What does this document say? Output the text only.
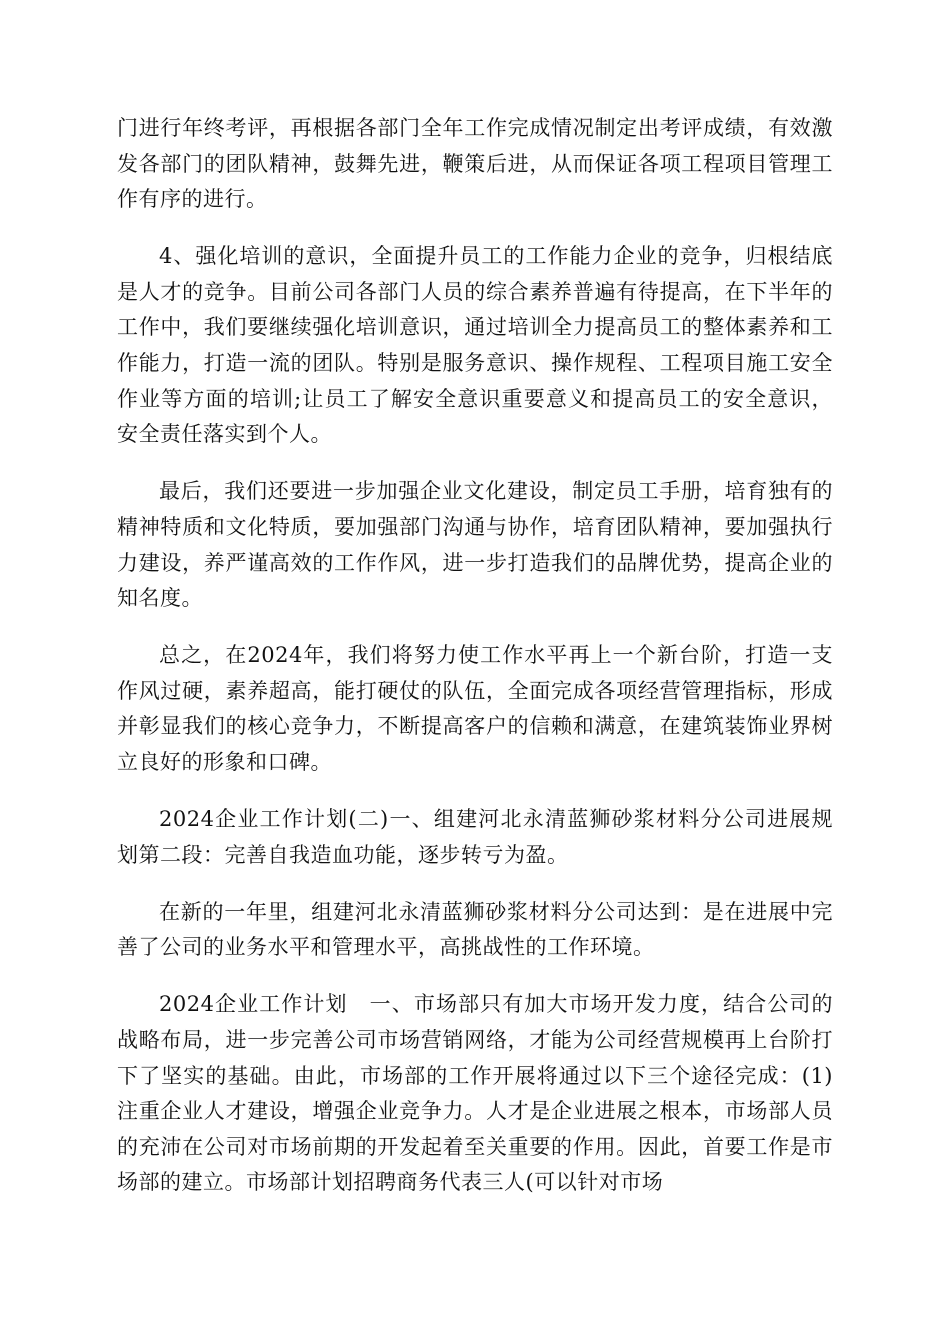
门进行年终考评，再根据各部门全年工作完成情况制定出考评成绩，有效激发各部门的团队精神，鼓舞先进，鞭策后进，从而保证各项工程项目管理工作有序的进行。

4、强化培训的意识，全面提升员工的工作能力企业的竞争，归根结底是人才的竞争。目前公司各部门人员的综合素养普遍有待提高，在下半年的工作中，我们要继续强化培训意识，通过培训全力提高员工的整体素养和工作能力，打造一流的团队。特别是服务意识、操作规程、工程项目施工安全作业等方面的培训;让员工了解安全意识重要意义和提高员工的安全意识，安全责任落实到个人。

最后，我们还要进一步加强企业文化建设，制定员工手册，培育独有的精神特质和文化特质，要加强部门沟通与协作，培育团队精神，要加强执行力建设，养严谨高效的工作作风，进一步打造我们的品牌优势，提高企业的知名度。

总之，在2024年，我们将努力使工作水平再上一个新台阶，打造一支作风过硬，素养超高，能打硬仗的队伍，全面完成各项经营管理指标，形成并彰显我们的核心竞争力，不断提高客户的信赖和满意，在建筑装饰业界树立良好的形象和口碑。

2024企业工作计划(二)一、组建河北永清蓝狮砂浆材料分公司进展规划第二段：完善自我造血功能，逐步转亏为盈。

在新的一年里，组建河北永清蓝狮砂浆材料分公司达到：是在进展中完善了公司的业务水平和管理水平，高挑战性的工作环境。

2024企业工作计划　一、市场部只有加大市场开发力度，结合公司的战略布局，进一步完善公司市场营销网络，才能为公司经营规模再上台阶打下了坚实的基础。由此，市场部的工作开展将通过以下三个途径完成：(1)注重企业人才建设，增强企业竞争力。人才是企业进展之根本，市场部人员的充沛在公司对市场前期的开发起着至关重要的作用。因此，首要工作是市场部的建立。市场部计划招聘商务代表三人(可以针对市场
